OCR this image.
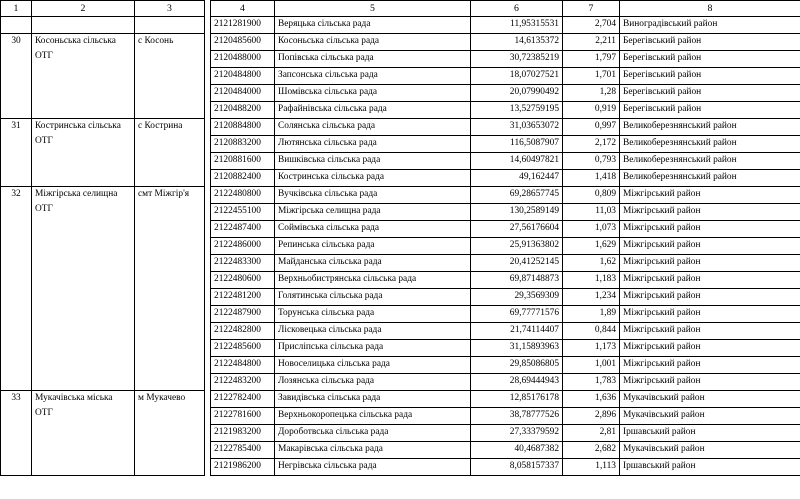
1	2	3		4	5	6	7	8
				2121281900	Веряцька сільська рада	11,95315531	2,704	Виноградівський район
30	Косоньська сільська ОТГ	с Косонь		2120485600	Косоньська сільська рада	14,6135372	2,211	Берегівський район
				2120488000	Попівська сільська рада	30,72385219	1,797	Берегівський район
				2120484800	Запсонська сільська рада	18,07027521	1,701	Берегівський район
				2120484000	Шомівська сільська рада	20,07990492	1,28	Берегівський район
				2120488200	Рафайнівська сільська рада	13,52759195	0,919	Берегівський район
31	Костринська сільська ОТГ	с Кострина		2120884800	Солянська сільська рада	31,03653072	0,997	Великоберезнянський район
				2120883200	Лютянська сільська рада	116,5087907	2,172	Великоберезнянський район
				2120881600	Вишківська сільська рада	14,60497821	0,793	Великоберезнянський район
				2120882400	Костринська сільська рада	49,162447	1,418	Великоберезнянський район
32	Міжгірська селищна ОТГ	смт Міжгір'я		2122480800	Вучківська сільська рада	69,28657745	0,809	Міжгірський район
				2122455100	Міжгірська селищна рада	130,2589149	11,03	Міжгірський район
				2122487400	Соймівська сільська рада	27,56176604	1,073	Міжгірський район
				2122486000	Репинська сільська рада	25,91363802	1,629	Міжгірський район
				2122483300	Майданська сільська рада	20,41252145	1,62	Міжгірський район
				2122480600	Верхньобистрянська сільська рада	69,87148873	1,183	Міжгірський район
				2122481200	Голятинська сільська рада	29,3569309	1,234	Міжгірський район
				2122487900	Торунська сільська рада	69,77771576	1,89	Міжгірський район
				2122482800	Лісковецька сільська рада	21,74114407	0,844	Міжгірський район
				2122485600	Прислiпська сільська рада	31,15893963	1,173	Міжгірський район
				2122484800	Новоселицька сільська рада	29,85086805	1,001	Міжгірський район
				2122483200	Лозянська сільська рада	28,69444943	1,783	Міжгірський район
33	Мукачівська міська ОТГ	м Мукачево		2122782400	Завидівська сільська рада	12,85176178	1,636	Мукачівський район
				2122781600	Верхньокоропецька сільська рада	38,78777526	2,896	Мукачівський район
				2121983200	Дороботвська сільська рада	27,33379592	2,81	Іршавський район
				2122785400	Макарівська сільська рада	40,4687382	2,682	Мукачівський район
				2121986200	Негрівська сільська рада	8,058157337	1,113	Іршавський район
